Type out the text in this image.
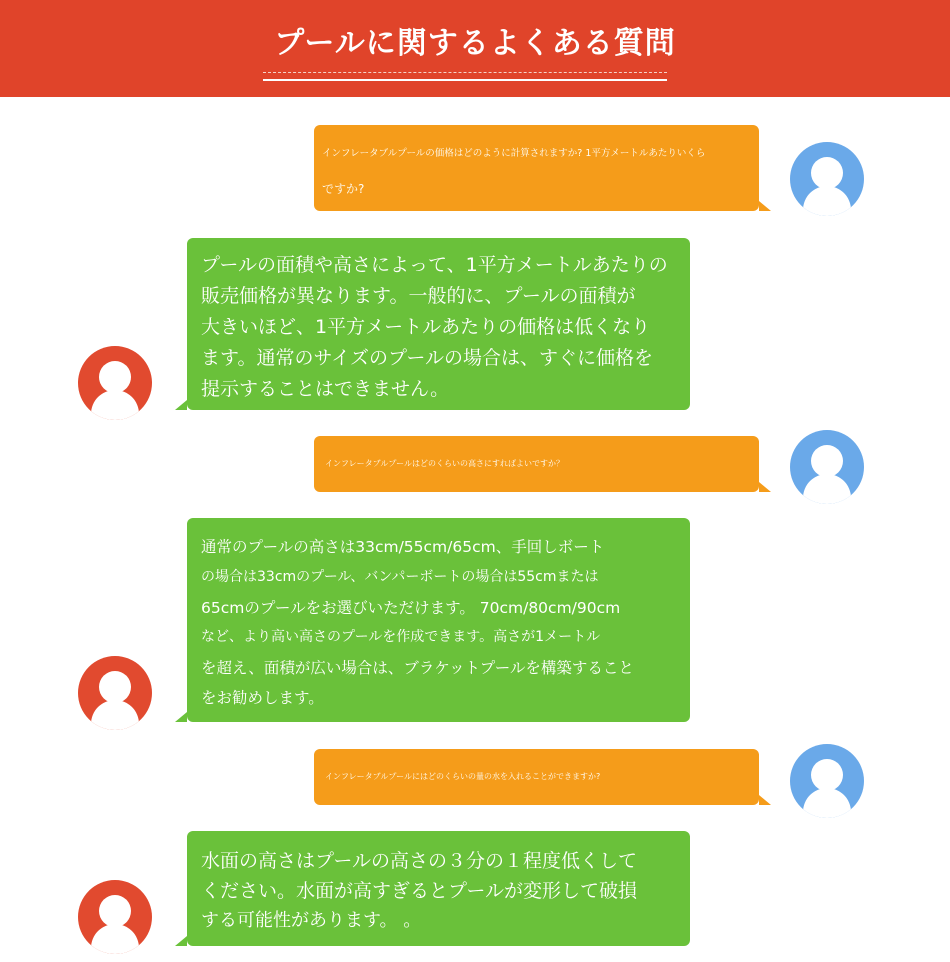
プールに関するよくある質問
インフレータブルプールの価格はどのように計算されますか? 1平方メートルあたりいくら
ですか?
プールの面積や高さによって、1平方メートルあたりの
販売価格が異なります。一般的に、プールの面積が
大きいほど、1平方メートルあたりの価格は低くなり
ます。通常のサイズのプールの場合は、すぐに価格を
提示することはできません。
インフレータブルプールはどのくらいの高さにすればよいですか？
通常のプールの高さは33cm/55cm/65cm、手回しボート
の場合は33cmのプール、バンパーボートの場合は55cmまたは
65cmのプールをお選びいただけます。 70cm/80cm/90cm
など、より高い高さのプールを作成できます。高さが1メートル
を超え、面積が広い場合は、ブラケットプールを構築すること
をお勧めします。
インフレータブルプールにはどのくらいの量の水を入れることができますか?
水面の高さはプールの高さの３分の１程度低くして
ください。水面が高すぎるとプールが変形して破損
する可能性があります。 。
